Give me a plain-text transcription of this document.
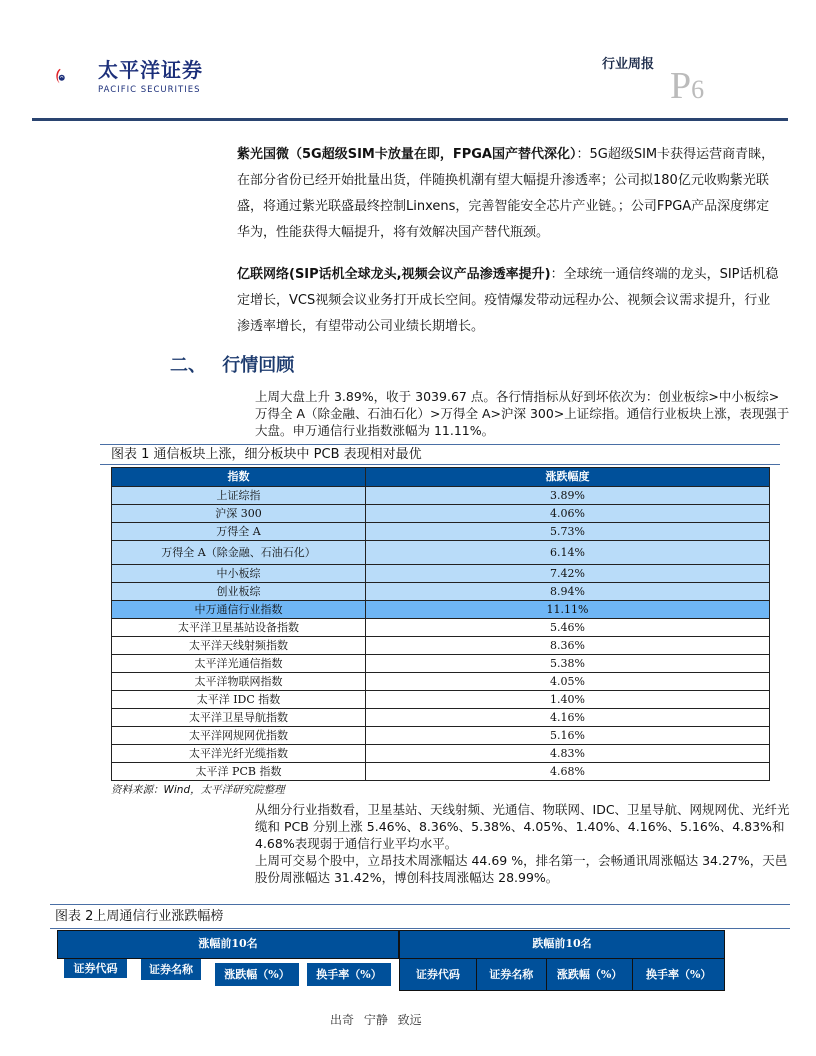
太平洋证券
PACIFIC SECURITIES
行业周报
P6
紫光国微（5G超级SIM卡放量在即，FPGA国产替代深化）：5G超级SIM卡获得运营商青睐，在部分省份已经开始批量出货，伴随换机潮有望大幅提升渗透率；公司拟180亿元收购紫光联盛，将通过紫光联盛最终控制Linxens，完善智能安全芯片产业链。；公司FPGA产品深度绑定华为，性能获得大幅提升，将有效解决国产替代瓶颈。
亿联网络(SIP话机全球龙头,视频会议产品渗透率提升)：全球统一通信终端的龙头，SIP话机稳定增长，VCS视频会议业务打开成长空间。疫情爆发带动远程办公、视频会议需求提升，行业渗透率增长，有望带动公司业绩长期增长。
二、 行情回顾
上周大盘上升 3.89%，收于 3039.67 点。各行情指标从好到坏依次为：创业板综>中小板综> 万得全 A（除金融、石油石化）>万得全 A>沪深 300>上证综指。通信行业板块上涨，表现强于大盘。申万通信行业指数涨幅为 11.11%。
图表 1 通信板块上涨，细分板块中 PCB 表现相对最优
指数	涨跌幅度
上证综指	3.89%
沪深 300	4.06%
万得全 A	5.73%
万得全 A（除金融、石油石化）	6.14%
中小板综	7.42%
创业板综	8.94%
中万通信行业指数	11.11%
太平洋卫星基站设备指数	5.46%
太平洋天线射频指数	8.36%
太平洋光通信指数	5.38%
太平洋物联网指数	4.05%
太平洋 IDC 指数	1.40%
太平洋卫星导航指数	4.16%
太平洋网规网优指数	5.16%
太平洋光纤光缆指数	4.83%
太平洋 PCB 指数	4.68%
资料来源：Wind，太平洋研究院整理
从细分行业指数看，卫星基站、天线射频、光通信、物联网、IDC、卫星导航、网规网优、光纤光缆和 PCB 分别上涨 5.46%、8.36%、5.38%、4.05%、1.40%、4.16%、5.16%、4.83%和 4.68%表现弱于通信行业平均水平。
上周可交易个股中，立昂技术周涨幅达 44.69 %，排名第一，会畅通讯周涨幅达 34.27%，天邑股份周涨幅达 31.42%，博创科技周涨幅达 28.99%。
图表 2上周通信行业涨跌幅榜
涨幅前10名	跌幅前10名
证券代码	证券名称	涨跌幅（%）	换手率（%）	证券代码	证券名称	涨跌幅（%）	换手率（%）
出奇 宁静 致远
